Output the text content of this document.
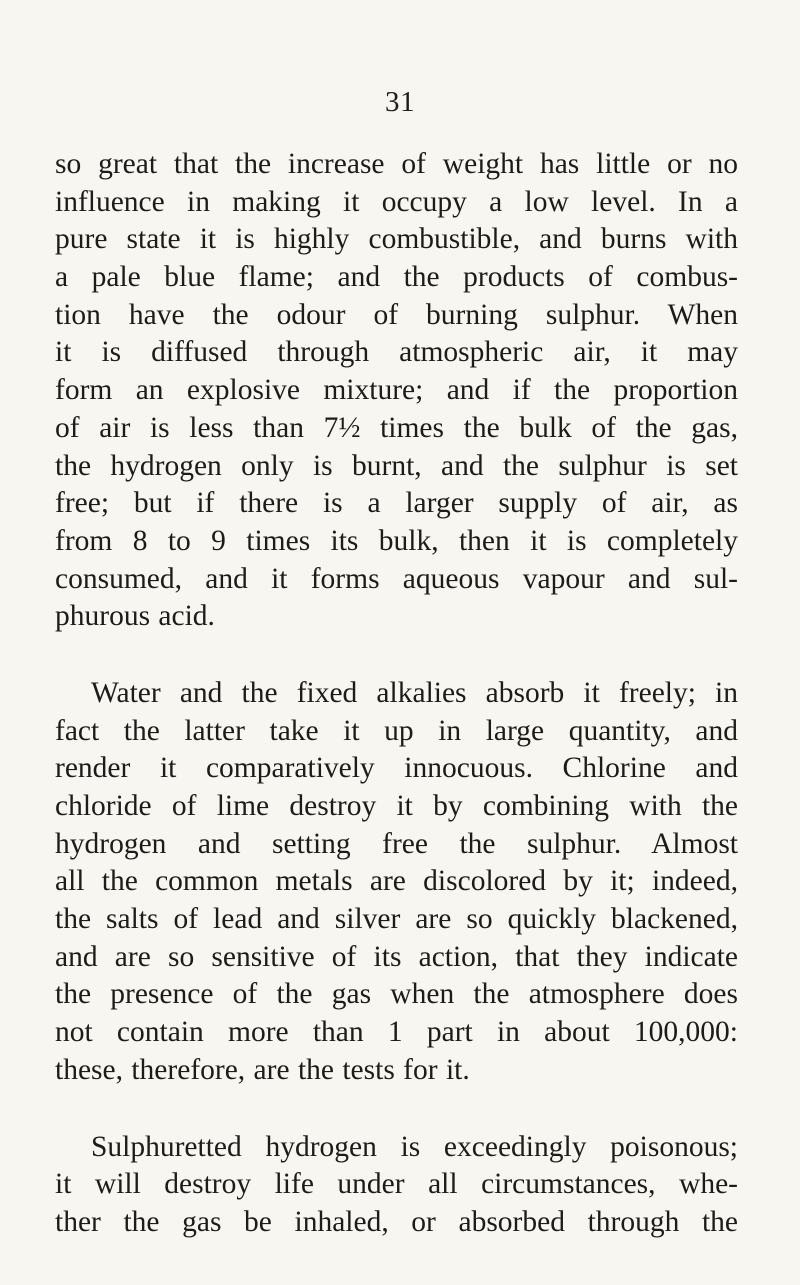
31
so great that the increase of weight has little or no
influence in making it occupy a low level. In a
pure state it is highly combustible, and burns with
a pale blue flame; and the products of combus-
tion have the odour of burning sulphur. When
it is diffused through atmospheric air, it may
form an explosive mixture; and if the proportion
of air is less than 7½ times the bulk of the gas,
the hydrogen only is burnt, and the sulphur is set
free; but if there is a larger supply of air, as
from 8 to 9 times its bulk, then it is completely
consumed, and it forms aqueous vapour and sul-
phurous acid.
Water and the fixed alkalies absorb it freely; in
fact the latter take it up in large quantity, and
render it comparatively innocuous. Chlorine and
chloride of lime destroy it by combining with the
hydrogen and setting free the sulphur. Almost
all the common metals are discolored by it; indeed,
the salts of lead and silver are so quickly blackened,
and are so sensitive of its action, that they indicate
the presence of the gas when the atmosphere does
not contain more than 1 part in about 100,000:
these, therefore, are the tests for it.
Sulphuretted hydrogen is exceedingly poisonous;
it will destroy life under all circumstances, whe-
ther the gas be inhaled, or absorbed through the
